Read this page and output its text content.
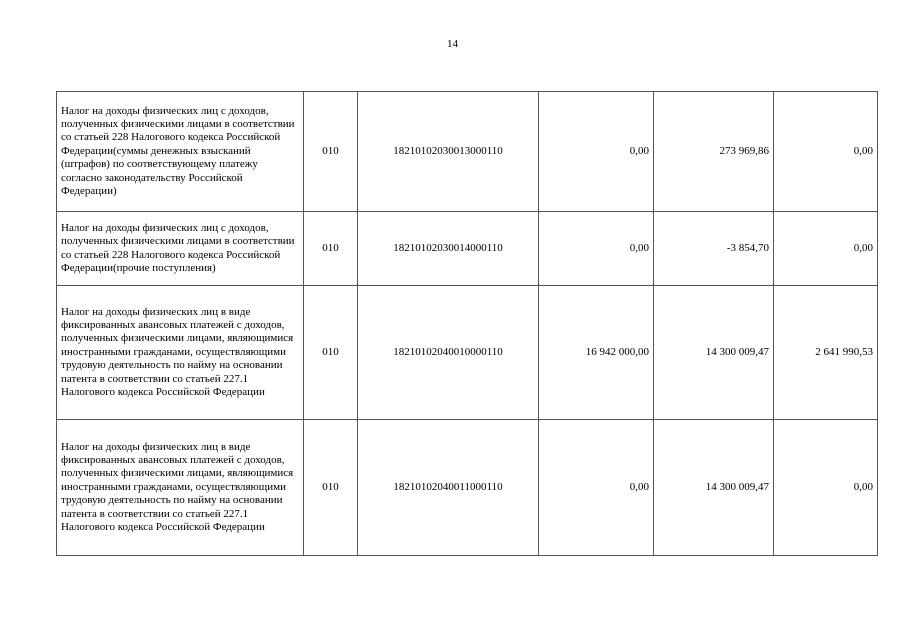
14
Налог на доходы физических лиц с доходов, полученных физическими лицами в соответствии со статьей 228 Налогового кодекса Российской Федерации(суммы денежных взысканий (штрафов) по соответствующему платежу согласно законодательству Российской Федерации)	010	18210102030013000110	0,00	273 969,86	0,00
Налог на доходы физических лиц с доходов, полученных физическими лицами в соответствии со статьей 228 Налогового кодекса Российской Федерации(прочие поступления)	010	18210102030014000110	0,00	-3 854,70	0,00
Налог на доходы физических лиц в виде фиксированных авансовых платежей с доходов, полученных физическими лицами, являющимися иностранными гражданами, осуществляющими трудовую деятельность по найму на основании патента в соответствии со статьей 227.1 Налогового кодекса Российской Федерации	010	18210102040010000110	16 942 000,00	14 300 009,47	2 641 990,53
Налог на доходы физических лиц в виде фиксированных авансовых платежей с доходов, полученных физическими лицами, являющимися иностранными гражданами, осуществляющими трудовую деятельность по найму на основании патента в соответствии со статьей 227.1 Налогового кодекса Российской Федерации	010	18210102040011000110	0,00	14 300 009,47	0,00
